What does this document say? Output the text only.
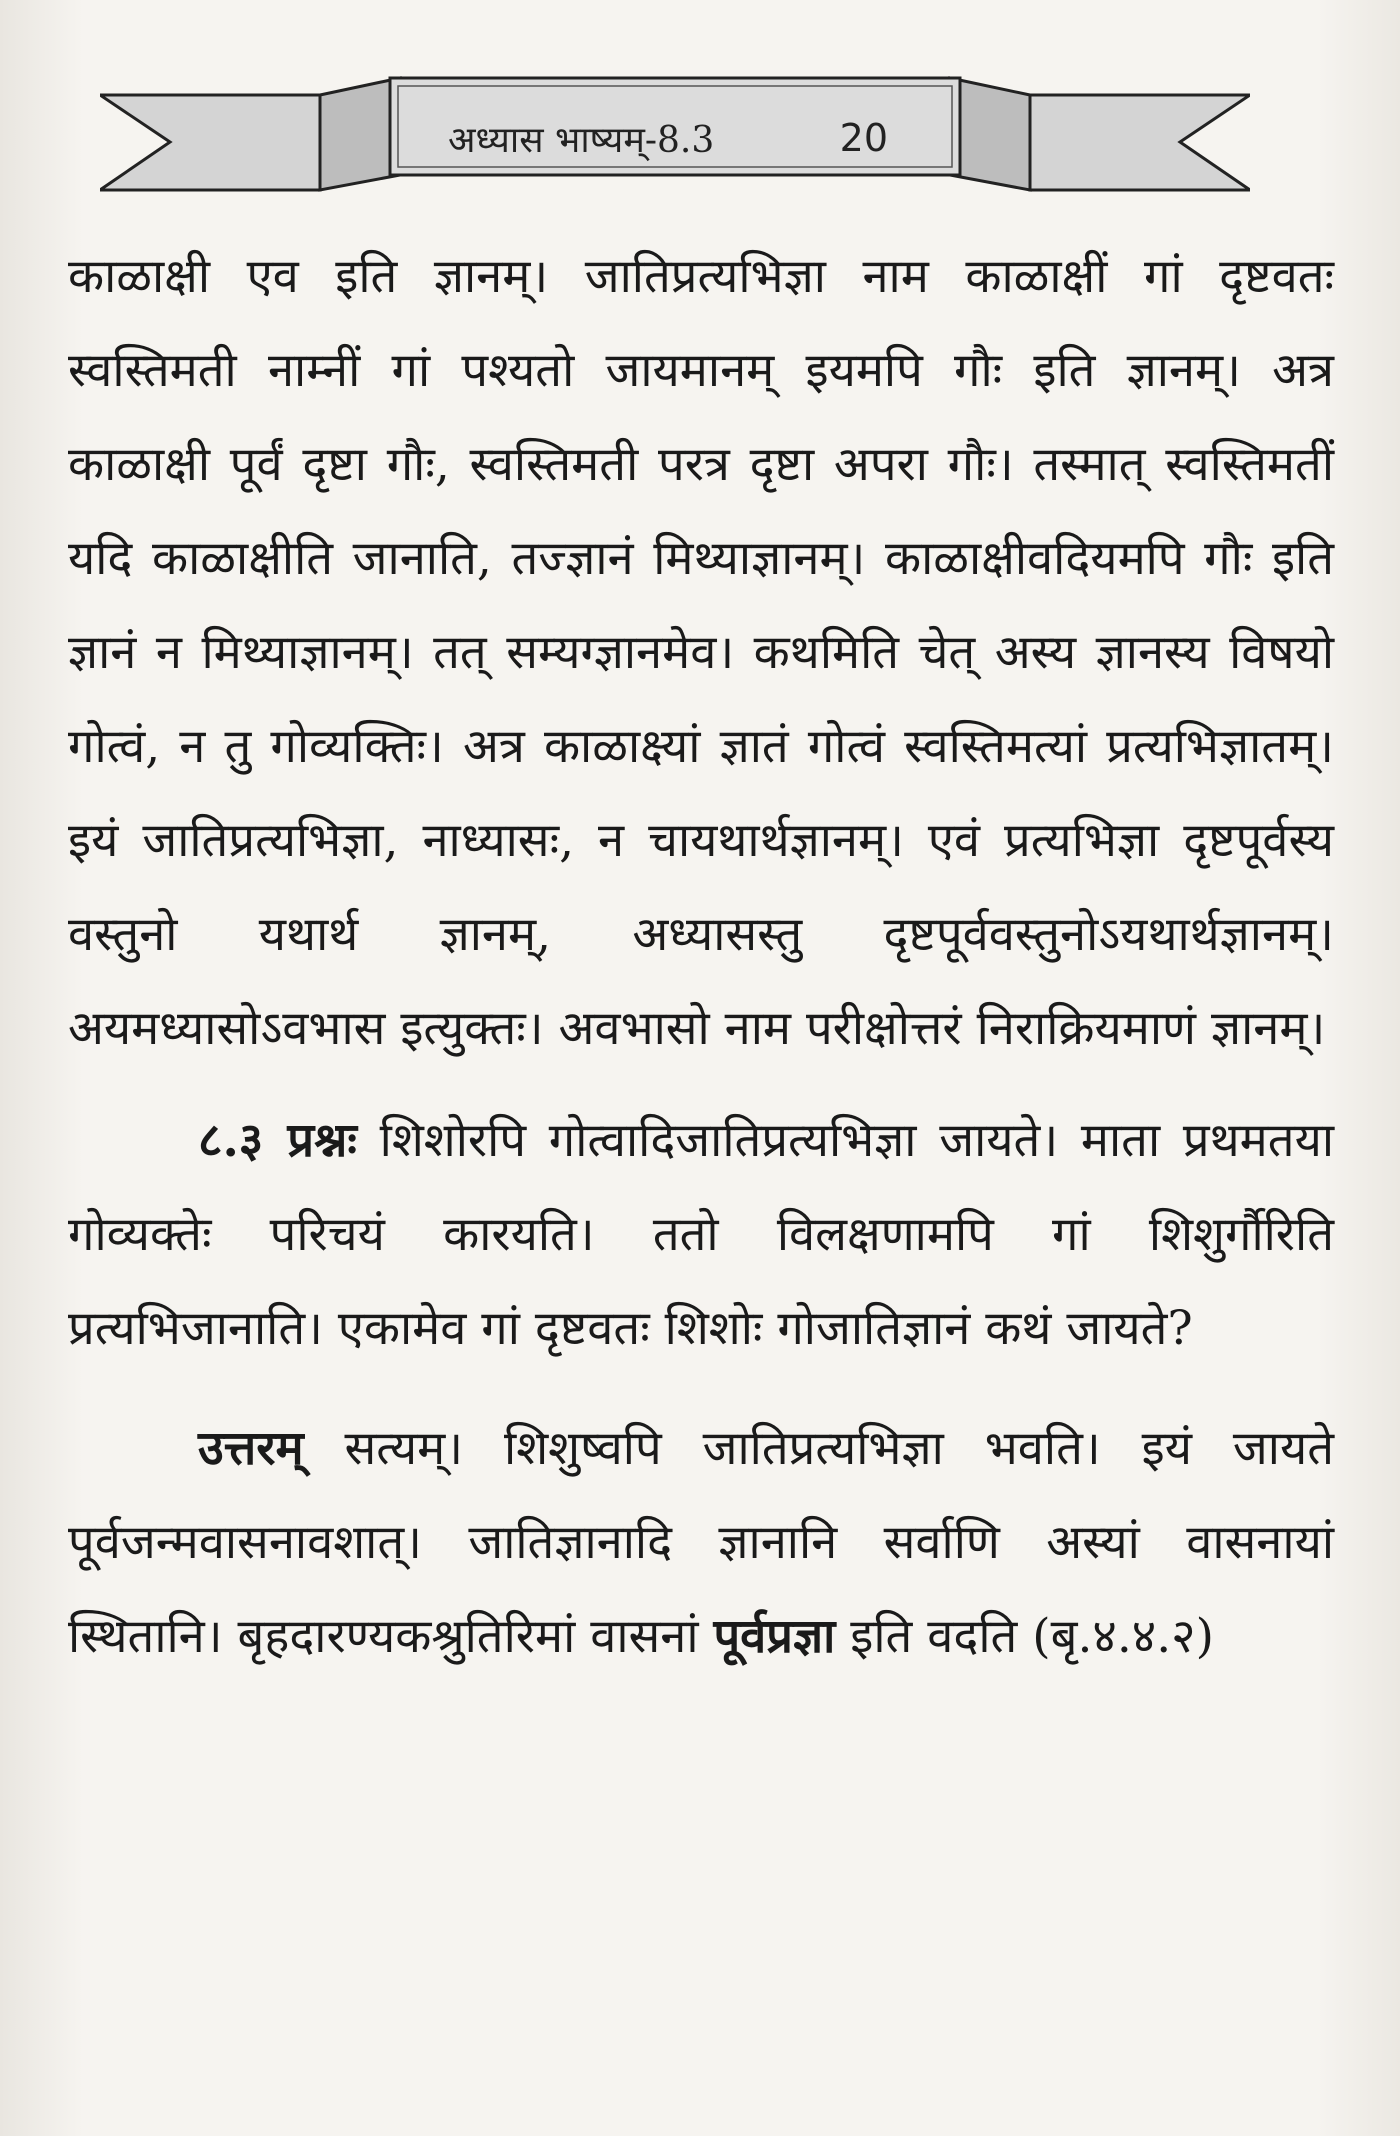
अध्यास भाष्यम्-8.3	20

काळाक्षी एव इति ज्ञानम्। जातिप्रत्यभिज्ञा नाम काळाक्षीं गां दृष्टवतः स्वस्तिमती नाम्नीं गां पश्यतो जायमानम् इयमपि गौः इति ज्ञानम्। अत्र काळाक्षी पूर्वं दृष्टा गौः, स्वस्तिमती परत्र दृष्टा अपरा गौः। तस्मात् स्वस्तिमतीं यदि काळाक्षीति जानाति, तज्ज्ञानं मिथ्याज्ञानम्। काळाक्षीवदियमपि गौः इति ज्ञानं न मिथ्याज्ञानम्। तत् सम्यग्ज्ञानमेव। कथमिति चेत् अस्य ज्ञानस्य विषयो गोत्वं, न तु गोव्यक्तिः। अत्र काळाक्ष्यां ज्ञातं गोत्वं स्वस्तिमत्यां प्रत्यभिज्ञातम्। इयं जातिप्रत्यभिज्ञा, नाध्यासः, न चायथार्थज्ञानम्। एवं प्रत्यभिज्ञा दृष्टपूर्वस्य वस्तुनो यथार्थ ज्ञानम्, अध्यासस्तु दृष्टपूर्ववस्तुनोऽयथार्थज्ञानम्। अयमध्यासोऽवभास इत्युक्तः। अवभासो नाम परीक्षोत्तरं निराक्रियमाणं ज्ञानम्।

८.३ प्रश्नः शिशोरपि गोत्वादिजातिप्रत्यभिज्ञा जायते। माता प्रथमतया गोव्यक्तेः परिचयं कारयति। ततो विलक्षणामपि गां शिशुर्गौरिति प्रत्यभिजानाति। एकामेव गां दृष्टवतः शिशोः गोजातिज्ञानं कथं जायते?

उत्तरम् सत्यम्। शिशुष्वपि जातिप्रत्यभिज्ञा भवति। इयं जायते पूर्वजन्मवासनावशात्। जातिज्ञानादि ज्ञानानि सर्वाणि अस्यां वासनायां स्थितानि। बृहदारण्यकश्रुतिरिमां वासनां पूर्वप्रज्ञा इति वदति (बृ.४.४.२)
